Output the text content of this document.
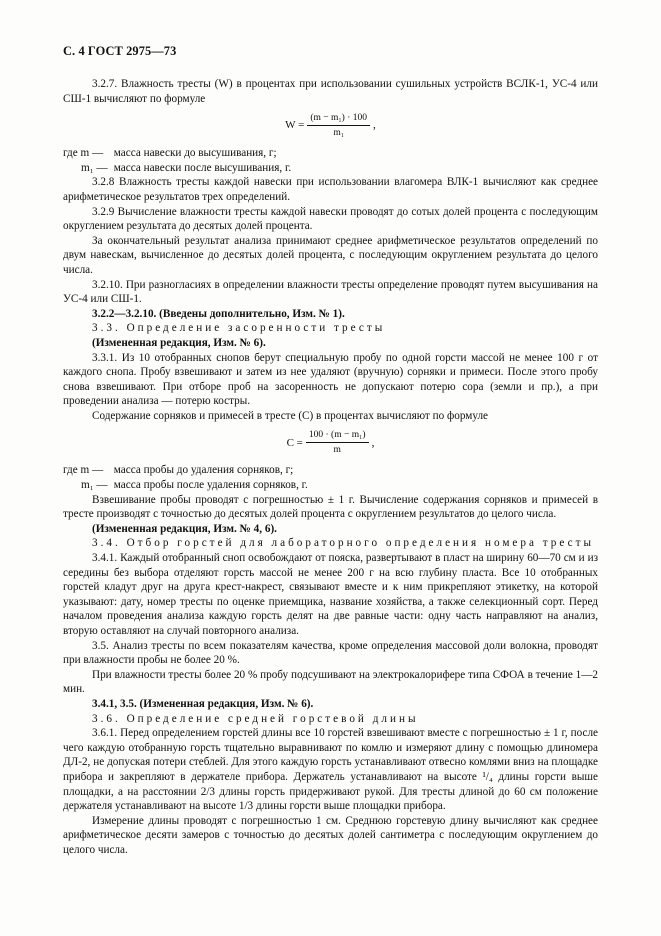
С. 4 ГОСТ 2975—73

3.2.7. Влажность тресты (W) в процентах при использовании сушильных устройств ВСЛК-1, УС-4 или СШ-1 вычисляют по формуле

$W = \frac{\text{(m − m₁) · 100}}{\text{m₁}}$ ,

где m — масса навески до высушивания, г;

m₁ — масса навески после высушивания, г.

3.2.8 Влажность тресты каждой навески при использовании влагомера ВЛК-1 вычисляют как среднее арифметическое результатов трех определений.

3.2.9 Вычисление влажности тресты каждой навески проводят до сотых долей процента с последующим округлением результата до десятых долей процента.

За окончательный результат анализа принимают среднее арифметическое результатов определений по двум навескам, вычисленное до десятых долей процента, с последующим округлением результата до целого числа.

3.2.10. При разногласиях в определении влажности тресты определение проводят путем высушивания на УС-4 или СШ-1.

3.2.2—3.2.10. (Введены дополнительно, Изм. № 1).

3.3. Определение засоренности тресты

(Измененная редакция, Изм. № 6).

3.3.1. Из 10 отобранных снопов берут специальную пробу по одной горсти массой не менее 100 г от каждого снопа. Пробу взвешивают и затем из нее удаляют (вручную) сорняки и примеси. После этого пробу снова взвешивают. При отборе проб на засоренность не допускают потерю сора (земли и пр.), а при проведении анализа — потерю костры.

Содержание сорняков и примесей в тресте (С) в процентах вычисляют по формуле

$C = \frac{\text{100 · (m − m₁)}}{m}$ ,

где m — масса пробы до удаления сорняков, г;

m₁ — масса пробы после удаления сорняков, г.

Взвешивание пробы проводят с погрешностью ± 1 г. Вычисление содержания сорняков и примесей в тресте производят с точностью до десятых долей процента с округлением результатов до целого числа.

(Измененная редакция, Изм. № 4, 6).

3.4. Отбор горстей для лабораторного определения номера тресты

3.4.1. Каждый отобранный сноп освобождают от пояска, развертывают в пласт на ширину 60—70 см и из середины без выбора отделяют горсть массой не менее 200 г на всю глубину пласта. Все 10 отобранных горстей кладут друг на друга крест-накрест, связывают вместе и к ним прикрепляют этикетку, на которой указывают: дату, номер тресты по оценке приемщика, название хозяйства, а также селекционный сорт. Перед началом проведения анализа каждую горсть делят на две равные части: одну часть направляют на анализ, вторую оставляют на случай повторного анализа.

3.5. Анализ тресты по всем показателям качества, кроме определения массовой доли волокна, проводят при влажности пробы не более 20 %.

При влажности тресты более 20 % пробу подсушивают на электрокалорифере типа СФОА в течение 1—2 мин.

3.4.1, 3.5. (Измененная редакция, Изм. № 6).

3.6. Определение средней горстевой длины

3.6.1. Перед определением горстей длины все 10 горстей взвешивают вместе с погрешностью ± 1 г, после чего каждую отобранную горсть тщательно выравнивают по комлю и измеряют длину с помощью длиномера ДЛ-2, не допуская потери стеблей. Для этого каждую горсть устанавливают отвесно комлями вниз на площадке прибора и закрепляют в держателе прибора. Держатель устанавливают на высоте ¹/₄ длины горсти выше площадки, а на расстоянии 2/3 длины горсть придерживают рукой. Для тресты длиной до 60 см положение держателя устанавливают на высоте 1/3 длины горсти выше площадки прибора.

Измерение длины проводят с погрешностью 1 см. Среднюю горстевую длину вычисляют как среднее арифметическое десяти замеров с точностью до десятых долей сантиметра с последующим округлением до целого числа.
